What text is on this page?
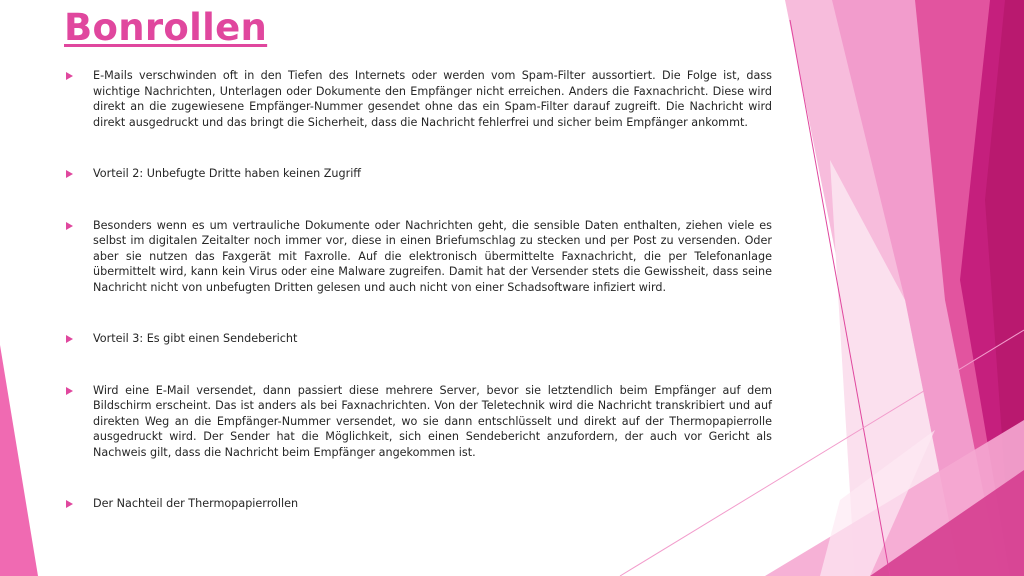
Bonrollen
E-Mails verschwinden oft in den Tiefen des Internets oder werden vom Spam-Filter aussortiert. Die Folge ist, dass wichtige Nachrichten, Unterlagen oder Dokumente den Empfänger nicht erreichen. Anders die Faxnachricht. Diese wird direkt an die zugewiesene Empfänger-Nummer gesendet ohne das ein Spam-Filter darauf zugreift. Die Nachricht wird direkt ausgedruckt und das bringt die Sicherheit, dass die Nachricht fehlerfrei und sicher beim Empfänger ankommt.
Vorteil 2: Unbefugte Dritte haben keinen Zugriff
Besonders wenn es um vertrauliche Dokumente oder Nachrichten geht, die sensible Daten enthalten, ziehen viele es selbst im digitalen Zeitalter noch immer vor, diese in einen Briefumschlag zu stecken und per Post zu versenden. Oder aber sie nutzen das Faxgerät mit Faxrolle. Auf die elektronisch übermittelte Faxnachricht, die per Telefonanlage übermittelt wird, kann kein Virus oder eine Malware zugreifen. Damit hat der Versender stets die Gewissheit, dass seine Nachricht nicht von unbefugten Dritten gelesen und auch nicht von einer Schadsoftware infiziert wird.
Vorteil 3: Es gibt einen Sendebericht
Wird eine E-Mail versendet, dann passiert diese mehrere Server, bevor sie letztendlich beim Empfänger auf dem Bildschirm erscheint. Das ist anders als bei Faxnachrichten. Von der Teletechnik wird die Nachricht transkribiert und auf direkten Weg an die Empfänger-Nummer versendet, wo sie dann entschlüsselt und direkt auf der Thermopapierrolle ausgedruckt wird. Der Sender hat die Möglichkeit, sich einen Sendebericht anzufordern, der auch vor Gericht als Nachweis gilt, dass die Nachricht beim Empfänger angekommen ist.
Der Nachteil der Thermopapierrollen
